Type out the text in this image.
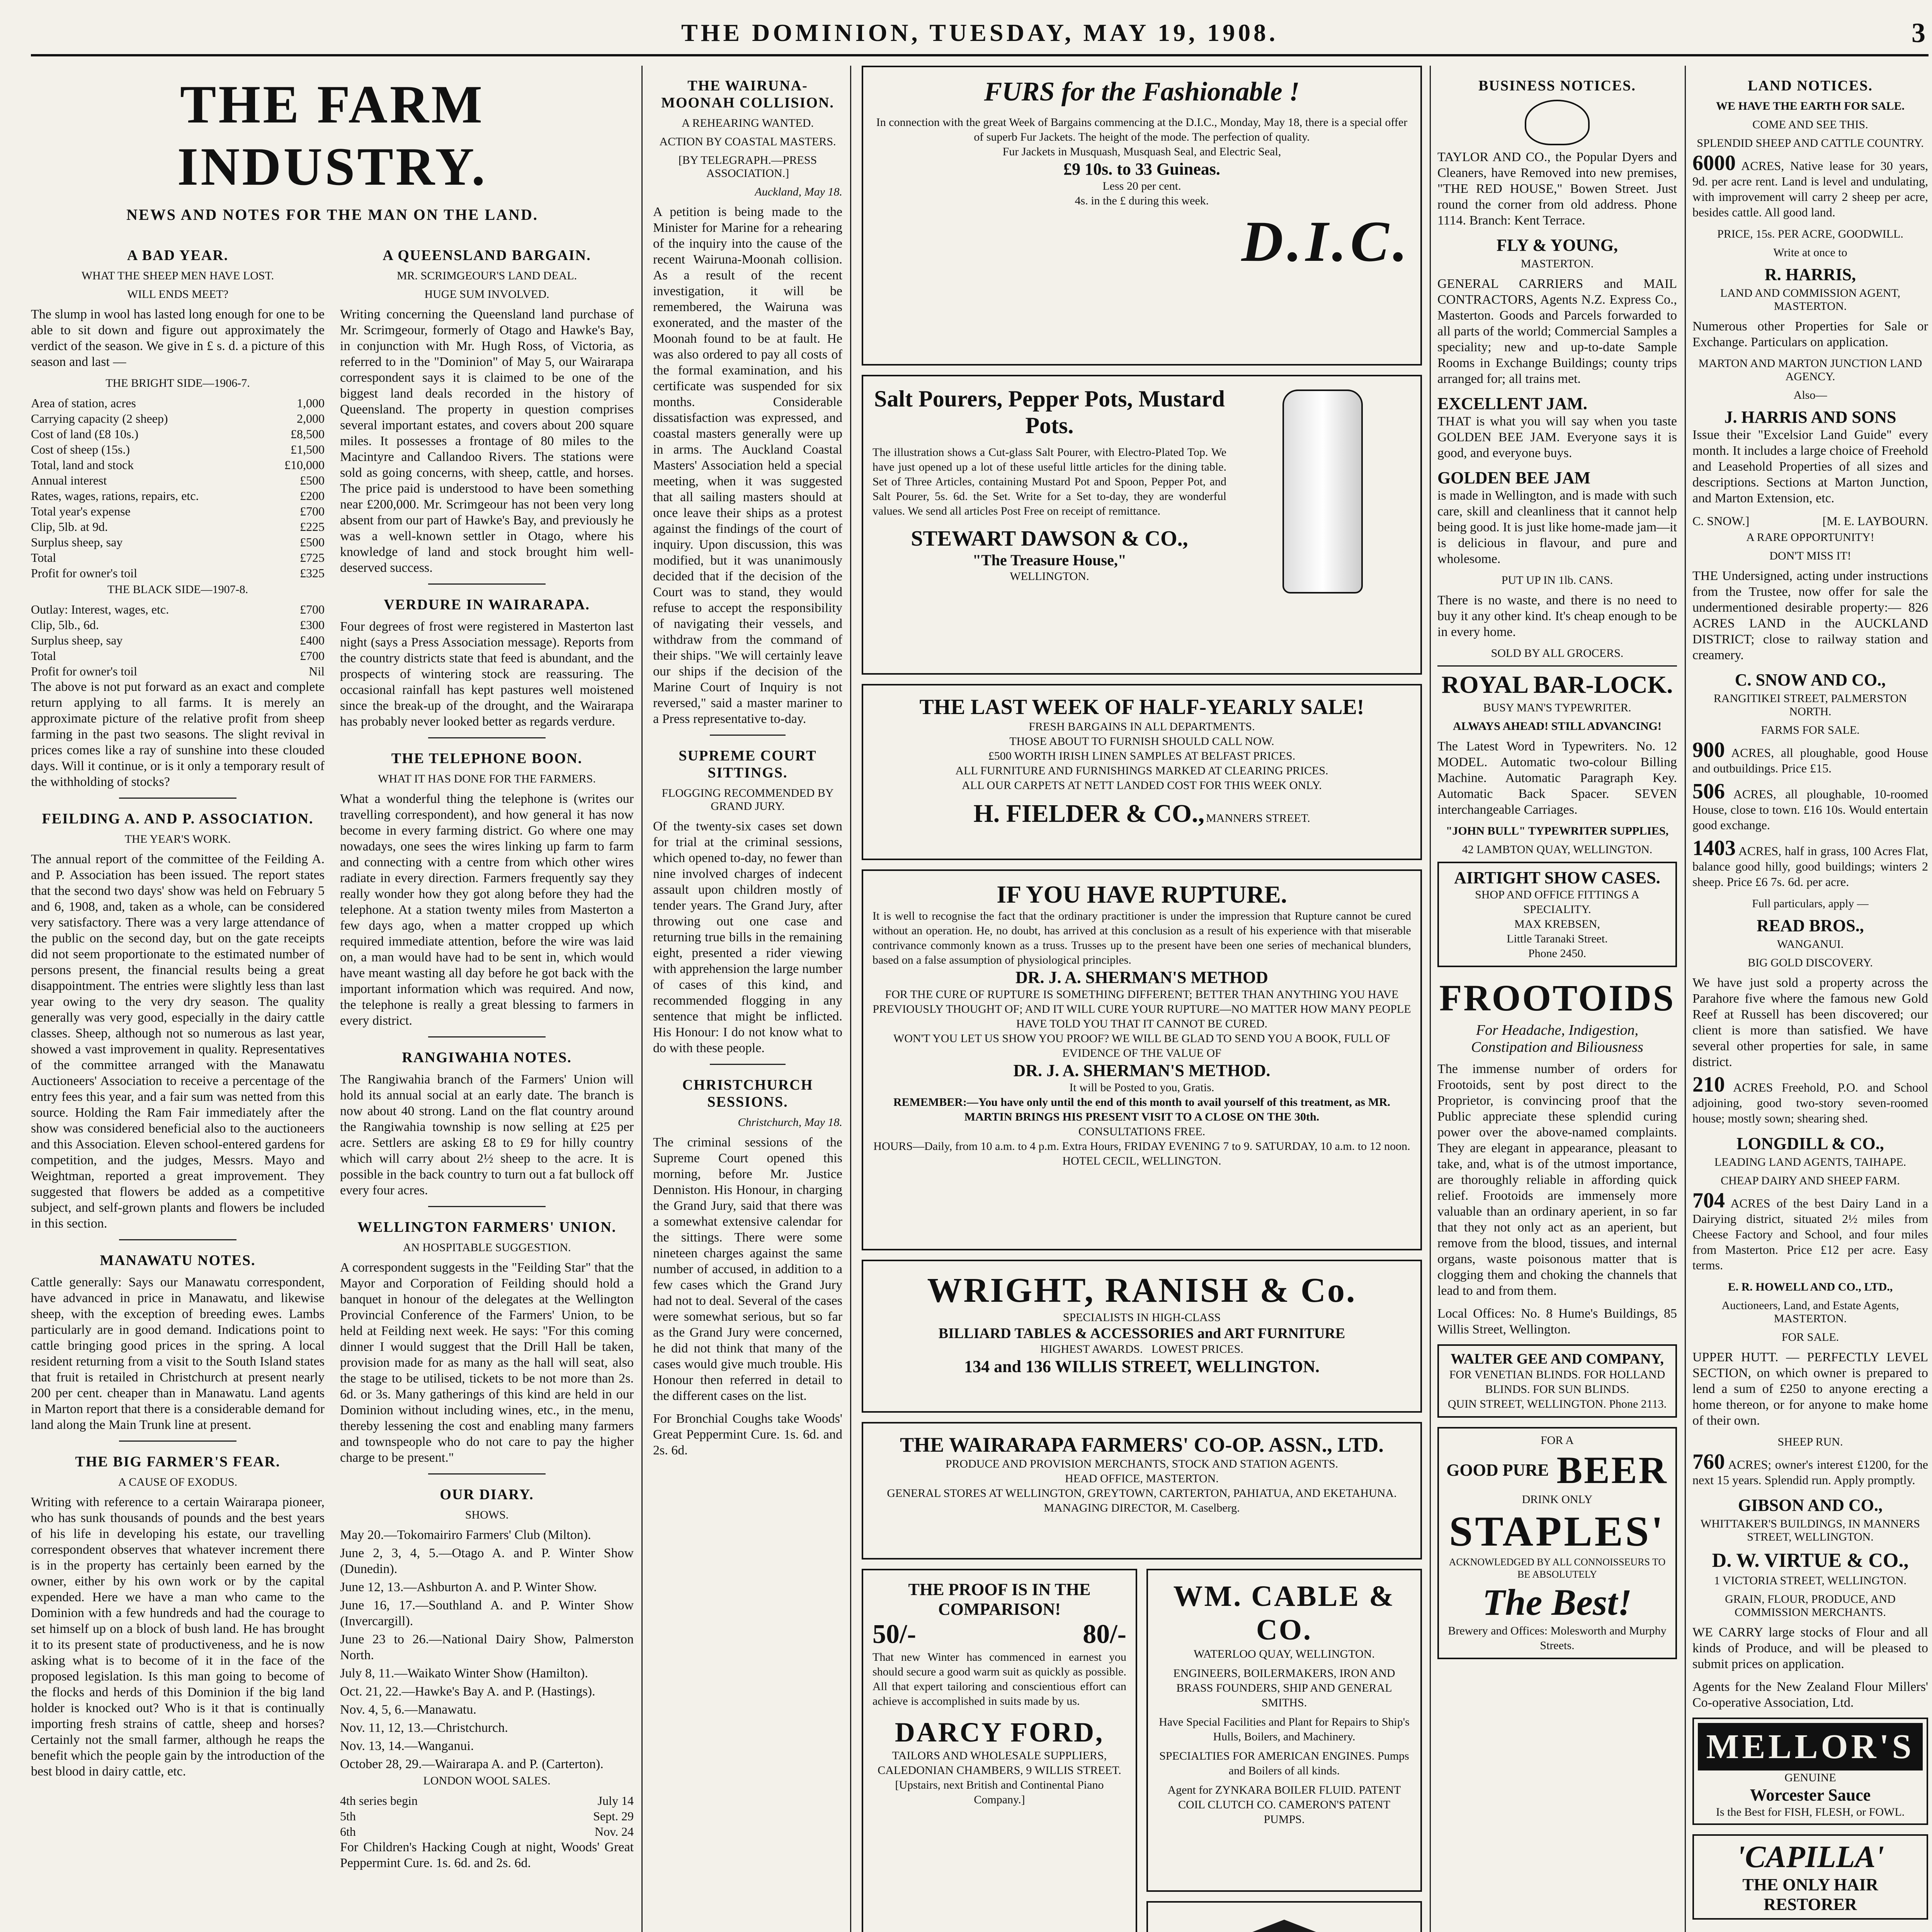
THE DOMINION, TUESDAY, MAY 19, 1908.	3
THE FARM INDUSTRY.
NEWS AND NOTES FOR THE MAN ON THE LAND.
A BAD YEAR.
WHAT THE SHEEP MEN HAVE LOST.
WILL ENDS MEET?

The slump in wool has lasted long enough for one to be able to sit down and figure out approximately the verdict of the season. We give in £ s. d. a picture of this season and last —

THE BRIGHT SIDE—1906-7.
Area of station, acres	1,000
Carrying capacity (2 sheep)	2,000
Cost of land (£8 10s.)	£8,500
Cost of sheep (15s.)	£1,500
Total, land and stock	£10,000
Annual interest	£500
Rates, wages, rations, repairs, etc.	£200
Total year's expense	£700
Clip, 5lb. at 9d.	£225
Surplus sheep, say	£500
Total	£725
Profit for owner's toil	£325
THE BLACK SIDE—1907-8.
Outlay: Interest, wages, etc.	£700
Clip, 5lb., 6d.	£300
Surplus sheep, say	£400
Total	£700
Profit for owner's toil	Nil

The above is not put forward as an exact and complete return applying to all farms. It is merely an approximate picture of the relative profit from sheep farming in the past two seasons. The slight revival in prices comes like a ray of sunshine into these clouded days. Will it continue, or is it only a temporary result of the withholding of stocks?

FEILDING A. AND P. ASSOCIATION.
THE YEAR'S WORK.

The annual report of the committee of the Feilding A. and P. Association has been issued. The report states that the second two days' show was held on February 5 and 6, 1908, and, taken as a whole, can be considered very satisfactory. There was a very large attendance of the public on the second day, but on the gate receipts did not seem proportionate to the estimated number of persons present, the financial results being a great disappointment. The entries were slightly less than last year owing to the very dry season. The quality generally was very good, especially in the dairy cattle classes. Sheep, although not so numerous as last year, showed a vast improvement in quality. Representatives of the committee arranged with the Manawatu Auctioneers' Association to receive a percentage of the entry fees this year, and a fair sum was netted from this source. Holding the Ram Fair immediately after the show was considered beneficial also to the auctioneers and this Association. Eleven school-entered gardens for competition, and the judges, Messrs. Mayo and Weightman, reported a great improvement. They suggested that flowers be added as a competitive subject, and self-grown plants and flowers be included in this section.

MANAWATU NOTES.

Cattle generally: Says our Manawatu correspondent, have advanced in price in Manawatu, and likewise sheep, with the exception of breeding ewes. Lambs particularly are in good demand. Indications point to cattle bringing good prices in the spring. A local resident returning from a visit to the South Island states that fruit is retailed in Christchurch at present nearly 200 per cent. cheaper than in Manawatu. Land agents in Marton report that there is a considerable demand for land along the Main Trunk line at present.

THE BIG FARMER'S FEAR.
A CAUSE OF EXODUS.

Writing with reference to a certain Wairarapa pioneer, who has sunk thousands of pounds and the best years of his life in developing his estate, our travelling correspondent observes that whatever increment there is in the property has certainly been earned by the owner, either by his own work or by the capital expended. Here we have a man who came to the Dominion with a few hundreds and had the courage to set himself up on a block of bush land. He has brought it to its present state of productiveness, and he is now asking what is to become of it in the face of the proposed legislation. Is this man going to become of the flocks and herds of this Dominion if the big land holder is knocked out? Who is it that is continually importing fresh strains of cattle, sheep and horses? Certainly not the small farmer, although he reaps the benefit which the people gain by the introduction of the best blood in dairy cattle, etc.

A QUEENSLAND BARGAIN.
MR. SCRIMGEOUR'S LAND DEAL.
HUGE SUM INVOLVED.

Writing concerning the Queensland land purchase of Mr. Scrimgeour, formerly of Otago and Hawke's Bay, in conjunction with Mr. Hugh Ross, of Victoria, as referred to in the "Dominion" of May 5, our Wairarapa correspondent says it is claimed to be one of the biggest land deals recorded in the history of Queensland. The property in question comprises several important estates, and covers about 200 square miles. It possesses a frontage of 80 miles to the Macintyre and Callandoo Rivers. The stations were sold as going concerns, with sheep, cattle, and horses. The price paid is understood to have been something near £200,000. Mr. Scrimgeour has not been very long absent from our part of Hawke's Bay, and previously he was a well-known settler in Otago, where his knowledge of land and stock brought him well-deserved success.

VERDURE IN WAIRARAPA.

Four degrees of frost were registered in Masterton last night (says a Press Association message). Reports from the country districts state that feed is abundant, and the prospects of wintering stock are reassuring. The occasional rainfall has kept pastures well moistened since the break-up of the drought, and the Wairarapa has probably never looked better as regards verdure.

THE TELEPHONE BOON.
WHAT IT HAS DONE FOR THE FARMERS.

What a wonderful thing the telephone is (writes our travelling correspondent), and how general it has now become in every farming district. Go where one may nowadays, one sees the wires linking up farm to farm and connecting with a centre from which other wires radiate in every direction. Farmers frequently say they really wonder how they got along before they had the telephone. At a station twenty miles from Masterton a few days ago, when a matter cropped up which required immediate attention, before the wire was laid on, a man would have had to be sent in, which would have meant wasting all day before he got back with the important information which was required. And now, the telephone is really a great blessing to farmers in every district.

RANGIWAHIA NOTES.

The Rangiwahia branch of the Farmers' Union will hold its annual social at an early date. The branch is now about 40 strong. Land on the flat country around the Rangiwahia township is now selling at £25 per acre. Settlers are asking £8 to £9 for hilly country which will carry about 2½ sheep to the acre. It is possible in the back country to turn out a fat bullock off every four acres.

WELLINGTON FARMERS' UNION.
AN HOSPITABLE SUGGESTION.

A correspondent suggests in the "Feilding Star" that the Mayor and Corporation of Feilding should hold a banquet in honour of the delegates at the Wellington Provincial Conference of the Farmers' Union, to be held at Feilding next week. He says: "For this coming dinner I would suggest that the Drill Hall be taken, provision made for as many as the hall will seat, also the stage to be utilised, tickets to be not more than 2s. 6d. or 3s. Many gatherings of this kind are held in our Dominion without including wines, etc., in the menu, thereby lessening the cost and enabling many farmers and townspeople who do not care to pay the higher charge to be present."

OUR DIARY.
SHOWS.
May 20.—Tokomairiro Farmers' Club (Milton).
June 2, 3, 4, 5.—Otago A. and P. Winter Show (Dunedin).
June 12, 13.—Ashburton A. and P. Winter Show.
June 16, 17.—Southland A. and P. Winter Show (Invercargill).
June 23 to 26.—National Dairy Show, Palmerston North.
July 8, 11.—Waikato Winter Show (Hamilton).
Oct. 21, 22.—Hawke's Bay A. and P. (Hastings).
Nov. 4, 5, 6.—Manawatu.
Nov. 11, 12, 13.—Christchurch.
Nov. 13, 14.—Wanganui.
October 28, 29.—Wairarapa A. and P. (Carterton).
LONDON WOOL SALES.
4th series begin	July 14
5th	Sept. 29
6th	Nov. 24

For Children's Hacking Cough at night, Woods' Great Peppermint Cure. 1s. 6d. and 2s. 6d.

THE WAIRUNA-MOONAH COLLISION.
A REHEARING WANTED.
ACTION BY COASTAL MASTERS.
[BY TELEGRAPH.—PRESS ASSOCIATION.]
Auckland, May 18.

A petition is being made to the Minister for Marine for a rehearing of the inquiry into the cause of the recent Wairuna-Moonah collision. As a result of the recent investigation, it will be remembered, the Wairuna was exonerated, and the master of the Moonah found to be at fault. He was also ordered to pay all costs of the formal examination, and his certificate was suspended for six months. Considerable dissatisfaction was expressed, and coastal masters generally were up in arms. The Auckland Coastal Masters' Association held a special meeting, when it was suggested that all sailing masters should at once leave their ships as a protest against the findings of the court of inquiry. Upon discussion, this was modified, but it was unanimously decided that if the decision of the Court was to stand, they would refuse to accept the responsibility of navigating their vessels, and withdraw from the command of their ships. "We will certainly leave our ships if the decision of the Marine Court of Inquiry is not reversed," said a master mariner to a Press representative to-day.

SUPREME COURT SITTINGS.
FLOGGING RECOMMENDED BY GRAND JURY.

Of the twenty-six cases set down for trial at the criminal sessions, which opened to-day, no fewer than nine involved charges of indecent assault upon children mostly of tender years. The Grand Jury, after throwing out one case and returning true bills in the remaining eight, presented a rider viewing with apprehension the large number of cases of this kind, and recommended flogging in any sentence that might be inflicted. His Honour: I do not know what to do with these people.

CHRISTCHURCH SESSIONS.
Christchurch, May 18.

The criminal sessions of the Supreme Court opened this morning, before Mr. Justice Denniston. His Honour, in charging the Grand Jury, said that there was a somewhat extensive calendar for the sittings. There were some nineteen charges against the same number of accused, in addition to a few cases which the Grand Jury had not to deal. Several of the cases were somewhat serious, but so far as the Grand Jury were concerned, he did not think that many of the cases would give much trouble. His Honour then referred in detail to the different cases on the list.

For Bronchial Coughs take Woods' Great Peppermint Cure. 1s. 6d. and 2s. 6d.

FURS for the Fashionable !
In connection with the great Week of Bargains commencing at the D.I.C., Monday, May 18, there is a special offer of superb Fur Jackets. The height of the mode. The perfection of quality.
Fur Jackets in Musquash, Musquash Seal, and Electric Seal,
£9 10s. to 33 Guineas.
Less 20 per cent.
4s. in the £ during this week.
D.I.C.
Salt Pourers, Pepper Pots, Mustard Pots.
The illustration shows a Cut-glass Salt Pourer, with Electro-Plated Top. We have just opened up a lot of these useful little articles for the dining table. Set of Three Articles, containing Mustard Pot and Spoon, Pepper Pot, and Salt Pourer, 5s. 6d. the Set. Write for a Set to-day, they are wonderful values. We send all articles Post Free on receipt of remittance.
STEWART DAWSON & CO.,
"The Treasure House,"
WELLINGTON.
THE LAST WEEK OF HALF-YEARLY SALE!
FRESH BARGAINS IN ALL DEPARTMENTS.
THOSE ABOUT TO FURNISH SHOULD CALL NOW.
£500 WORTH IRISH LINEN SAMPLES AT BELFAST PRICES.
ALL FURNITURE AND FURNISHINGS MARKED AT CLEARING PRICES.
ALL OUR CARPETS AT NETT LANDED COST FOR THIS WEEK ONLY.
H. FIELDER & CO., MANNERS STREET.
IF YOU HAVE RUPTURE.
It is well to recognise the fact that the ordinary practitioner is under the impression that Rupture cannot be cured without an operation. He, no doubt, has arrived at this conclusion as a result of his experience with that miserable contrivance commonly known as a truss. Trusses up to the present have been one series of mechanical blunders, based on a false assumption of physiological principles.
DR. J. A. SHERMAN'S METHOD
FOR THE CURE OF RUPTURE IS SOMETHING DIFFERENT; BETTER THAN ANYTHING YOU HAVE PREVIOUSLY THOUGHT OF; AND IT WILL CURE YOUR RUPTURE—NO MATTER HOW MANY PEOPLE HAVE TOLD YOU THAT IT CANNOT BE CURED.
WON'T YOU LET US SHOW YOU PROOF? WE WILL BE GLAD TO SEND YOU A BOOK, FULL OF EVIDENCE OF THE VALUE OF
DR. J. A. SHERMAN'S METHOD.
It will be Posted to you, Gratis.
REMEMBER:—You have only until the end of this month to avail yourself of this treatment, as MR. MARTIN BRINGS HIS PRESENT VISIT TO A CLOSE ON THE 30th.
CONSULTATIONS FREE.
HOURS—Daily, from 10 a.m. to 4 p.m. Extra Hours, FRIDAY EVENING 7 to 9. SATURDAY, 10 a.m. to 12 noon.
HOTEL CECIL, WELLINGTON.
WRIGHT, RANISH & Co.
SPECIALISTS IN HIGH-CLASS
BILLIARD TABLES & ACCESSORIES and ART FURNITURE
HIGHEST AWARDS. LOWEST PRICES.
134 and 136 WILLIS STREET, WELLINGTON.
THE WAIRARAPA FARMERS' CO-OP. ASSN., LTD.
PRODUCE AND PROVISION MERCHANTS, STOCK AND STATION AGENTS.
HEAD OFFICE, MASTERTON.
GENERAL STORES AT WELLINGTON, GREYTOWN, CARTERTON, PAHIATUA, AND EKETAHUNA.
MANAGING DIRECTOR, M. Caselberg.
THE PROOF IS IN THE COMPARISON!
50/-	80/-
That new Winter has commenced in earnest you should secure a good warm suit as quickly as possible. All that expert tailoring and conscientious effort can achieve is accomplished in suits made by us.
DARCY FORD,
TAILORS AND WHOLESALE SUPPLIERS,
CALEDONIAN CHAMBERS, 9 WILLIS STREET.
[Upstairs, next British and Continental Piano Company.]
WM. CABLE & CO.
WATERLOO QUAY, WELLINGTON.
ENGINEERS, BOILERMAKERS, IRON AND BRASS FOUNDERS, SHIP AND GENERAL SMITHS.
Have Special Facilities and Plant for Repairs to Ship's Hulls, Boilers, and Machinery.
SPECIALTIES FOR AMERICAN ENGINES. Pumps and Boilers of all kinds.
Agent for ZYNKARA BOILER FLUID. PATENT COIL CLUTCH CO. CAMERON'S PATENT PUMPS.
BUSINESS NOTICES.

TAYLOR AND CO., the Popular Dyers and Cleaners, have Removed into new premises, "THE RED HOUSE," Bowen Street. Just round the corner from old address. Phone 1114. Branch: Kent Terrace.

FLY & YOUNG,
MASTERTON.

GENERAL CARRIERS and MAIL CONTRACTORS, Agents N.Z. Express Co., Masterton. Goods and Parcels forwarded to all parts of the world; Commercial Samples a speciality; new and up-to-date Sample Rooms in Exchange Buildings; county trips arranged for; all trains met.

EXCELLENT JAM.

THAT is what you will say when you taste GOLDEN BEE JAM. Everyone says it is good, and everyone buys.

GOLDEN BEE JAM

is made in Wellington, and is made with such care, skill and cleanliness that it cannot help being good. It is just like home-made jam—it is delicious in flavour, and pure and wholesome.

PUT UP IN 1lb. CANS.

There is no waste, and there is no need to buy it any other kind. It's cheap enough to be in every home.

SOLD BY ALL GROCERS.
ROYAL BAR-LOCK.
BUSY MAN'S TYPEWRITER.
ALWAYS AHEAD! STILL ADVANCING!

The Latest Word in Typewriters. No. 12 MODEL. Automatic two-colour Billing Machine. Automatic Paragraph Key. Automatic Back Spacer. SEVEN interchangeable Carriages.

"JOHN BULL" TYPEWRITER SUPPLIES,
42 LAMBTON QUAY, WELLINGTON.
AIRTIGHT SHOW CASES.
SHOP AND OFFICE FITTINGS A SPECIALITY.
MAX KREBSEN,
Little Taranaki Street.
Phone 2450.
FROOTOIDS
For Headache, Indigestion, Constipation and Biliousness

The immense number of orders for Frootoids, sent by post direct to the Proprietor, is convincing proof that the Public appreciate these splendid curing power over the above-named complaints. They are elegant in appearance, pleasant to take, and, what is of the utmost importance, are thoroughly reliable in affording quick relief. Frootoids are immensely more valuable than an ordinary aperient, in so far that they not only act as an aperient, but remove from the blood, tissues, and internal organs, waste poisonous matter that is clogging them and choking the channels that lead to and from them.

Local Offices: No. 8 Hume's Buildings, 85 Willis Street, Wellington.

WALTER GEE AND COMPANY,
FOR VENETIAN BLINDS. FOR HOLLAND BLINDS. FOR SUN BLINDS.
QUIN STREET, WELLINGTON. Phone 2113.
FOR A
GOOD PURE BEER
DRINK ONLY
STAPLES'
ACKNOWLEDGED BY ALL CONNOISSEURS TO BE ABSOLUTELY
The Best!
Brewery and Offices: Molesworth and Murphy Streets.
LAND NOTICES.
WE HAVE THE EARTH FOR SALE.
COME AND SEE THIS.
SPLENDID SHEEP AND CATTLE COUNTRY.
6000 ACRES, Native lease for 30 years, 9d. per acre rent. Land is level and undulating, with improvement will carry 2 sheep per acre, besides cattle. All good land.
PRICE, 15s. PER ACRE, GOODWILL.
Write at once to
R. HARRIS,
LAND AND COMMISSION AGENT, MASTERTON.

Numerous other Properties for Sale or Exchange. Particulars on application.

MARTON AND MARTON JUNCTION LAND AGENCY.
Also—
J. HARRIS AND SONS

Issue their "Excelsior Land Guide" every month. It includes a large choice of Freehold and Leasehold Properties of all sizes and descriptions. Sections at Marton Junction, and Marton Extension, etc.

C. SNOW.]	[M. E. LAYBOURN.
A RARE OPPORTUNITY!
DON'T MISS IT!

THE Undersigned, acting under instructions from the Trustee, now offer for sale the undermentioned desirable property:— 826 ACRES LAND in the AUCKLAND DISTRICT; close to railway station and creamery.

C. SNOW AND CO.,
RANGITIKEI STREET, PALMERSTON NORTH.
FARMS FOR SALE.
900 ACRES, all ploughable, good House and outbuildings. Price £15.
506 ACRES, all ploughable, 10-roomed House, close to town. £16 10s. Would entertain good exchange.
1403 ACRES, half in grass, 100 Acres Flat, balance good hilly, good buildings; winters 2 sheep. Price £6 7s. 6d. per acre.
Full particulars, apply —
READ BROS.,
WANGANUI.
BIG GOLD DISCOVERY.

We have just sold a property across the Parahore five where the famous new Gold Reef at Russell has been discovered; our client is more than satisfied. We have several other properties for sale, in same district.

210 ACRES Freehold, P.O. and School adjoining, good two-story seven-roomed house; mostly sown; shearing shed.
LONGDILL & CO.,
LEADING LAND AGENTS, TAIHAPE.
CHEAP DAIRY AND SHEEP FARM.
704 ACRES of the best Dairy Land in a Dairying district, situated 2½ miles from Cheese Factory and School, and four miles from Masterton. Price £12 per acre. Easy terms.
E. R. HOWELL AND CO., LTD.,
Auctioneers, Land, and Estate Agents, MASTERTON.
FOR SALE.

UPPER HUTT. — PERFECTLY LEVEL SECTION, on which owner is prepared to lend a sum of £250 to anyone erecting a home thereon, or for anyone to make home of their own.

SHEEP RUN.
760 ACRES; owner's interest £1200, for the next 15 years. Splendid run. Apply promptly.
GIBSON AND CO.,
WHITTAKER'S BUILDINGS, IN MANNERS STREET, WELLINGTON.
D. W. VIRTUE & CO.,
1 VICTORIA STREET, WELLINGTON.
GRAIN, FLOUR, PRODUCE, AND COMMISSION MERCHANTS.

WE CARRY large stocks of Flour and all kinds of Produce, and will be pleased to submit prices on application.

Agents for the New Zealand Flour Millers' Co-operative Association, Ltd.

MELLOR'S
GENUINE
Worcester Sauce
Is the Best for FISH, FLESH, or FOWL.
'CAPILLA'
THE ONLY HAIR RESTORER
